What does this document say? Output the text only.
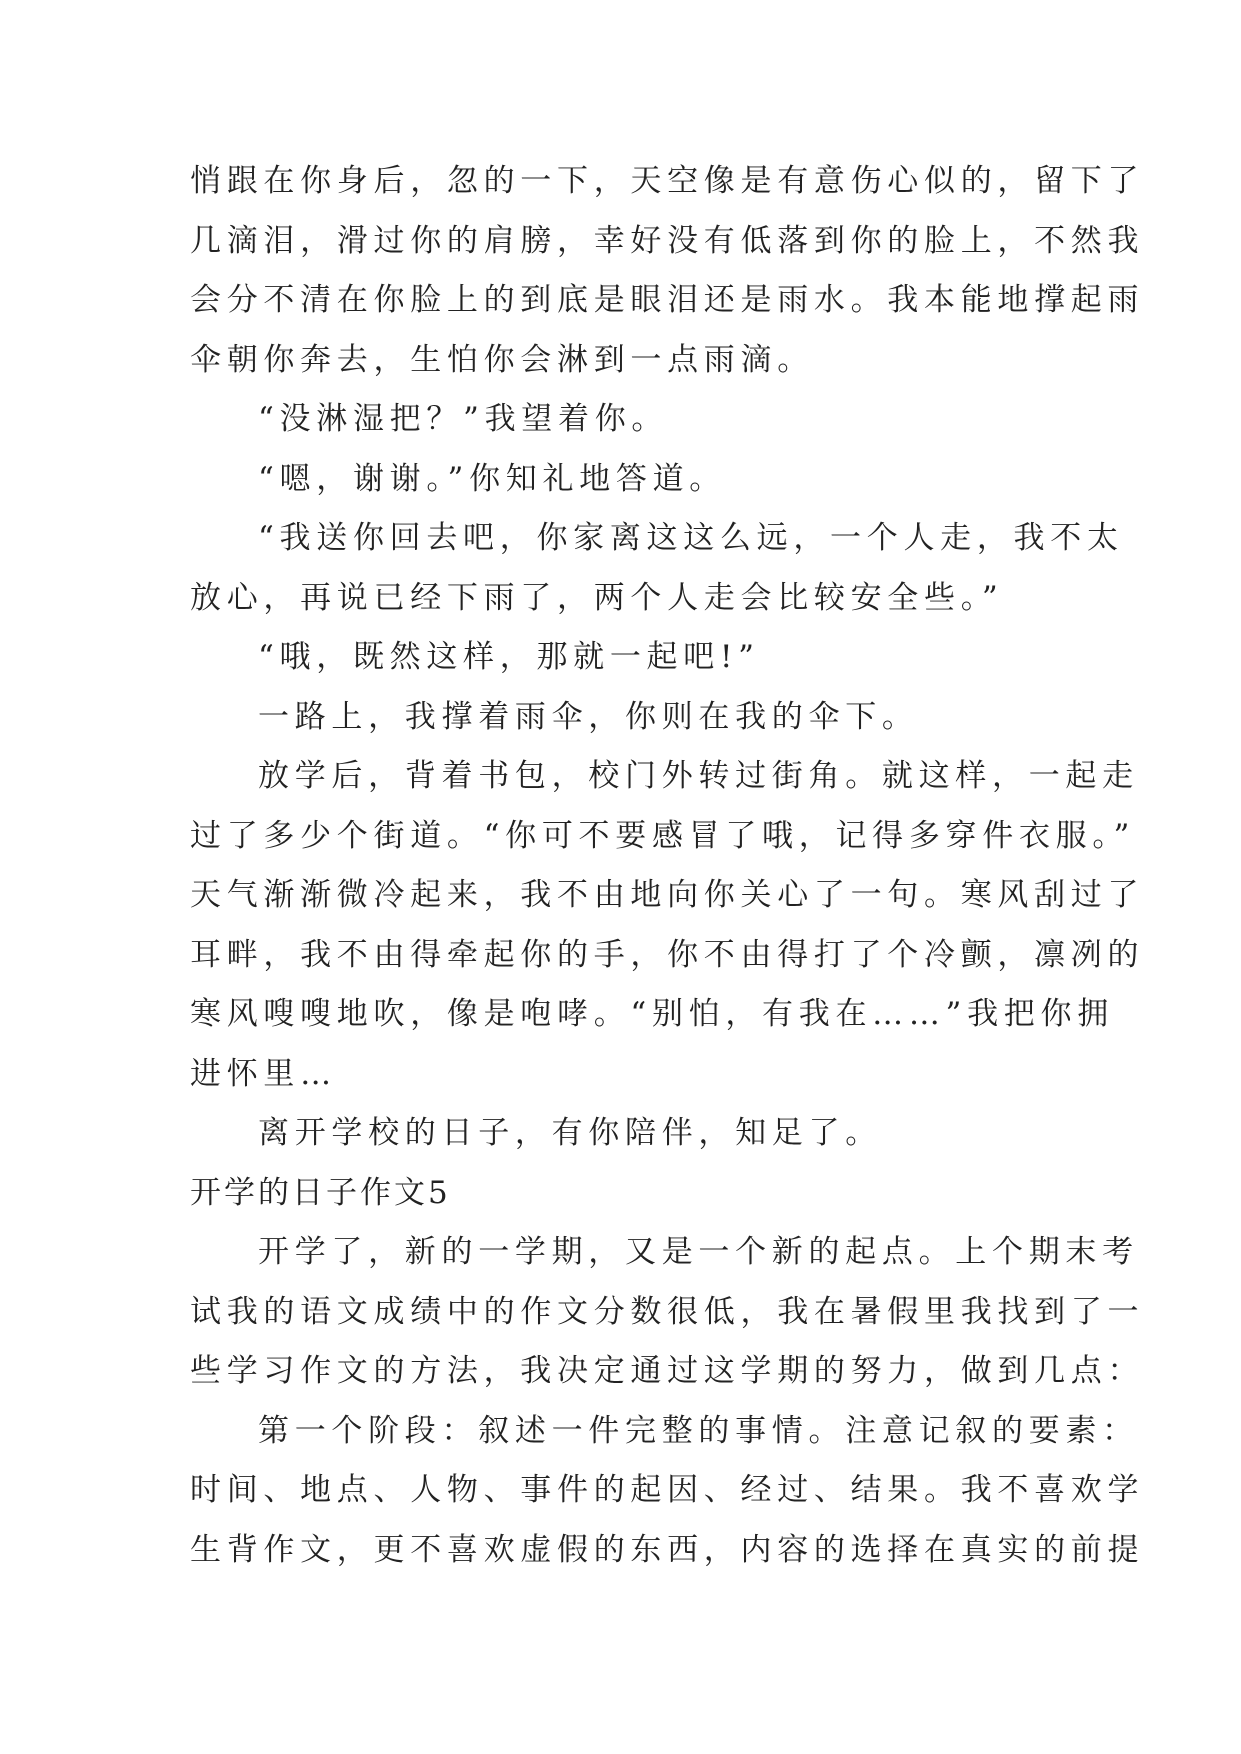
悄跟在你身后，忽的一下，天空像是有意伤心似的，留下了
几滴泪，滑过你的肩膀，幸好没有低落到你的脸上，不然我
会分不清在你脸上的到底是眼泪还是雨水。我本能地撑起雨
伞朝你奔去，生怕你会淋到一点雨滴。
“没淋湿把？”我望着你。
“嗯，谢谢。”你知礼地答道。
“我送你回去吧，你家离这这么远，一个人走，我不太
放心，再说已经下雨了，两个人走会比较安全些。”
“哦，既然这样，那就一起吧!”
一路上，我撑着雨伞，你则在我的伞下。
放学后，背着书包，校门外转过街角。就这样，一起走
过了多少个街道。“你可不要感冒了哦，记得多穿件衣服。”
天气渐渐微冷起来，我不由地向你关心了一句。寒风刮过了
耳畔，我不由得牵起你的手，你不由得打了个冷颤，凛冽的
寒风嗖嗖地吹，像是咆哮。“别怕，有我在……”我把你拥
进怀里…
离开学校的日子，有你陪伴，知足了。
开学的日子作文5
开学了，新的一学期，又是一个新的起点。上个期末考
试我的语文成绩中的作文分数很低，我在暑假里我找到了一
些学习作文的方法，我决定通过这学期的努力，做到几点：
第一个阶段：叙述一件完整的事情。注意记叙的要素：
时间、地点、人物、事件的起因、经过、结果。我不喜欢学
生背作文，更不喜欢虚假的东西，内容的选择在真实的前提
